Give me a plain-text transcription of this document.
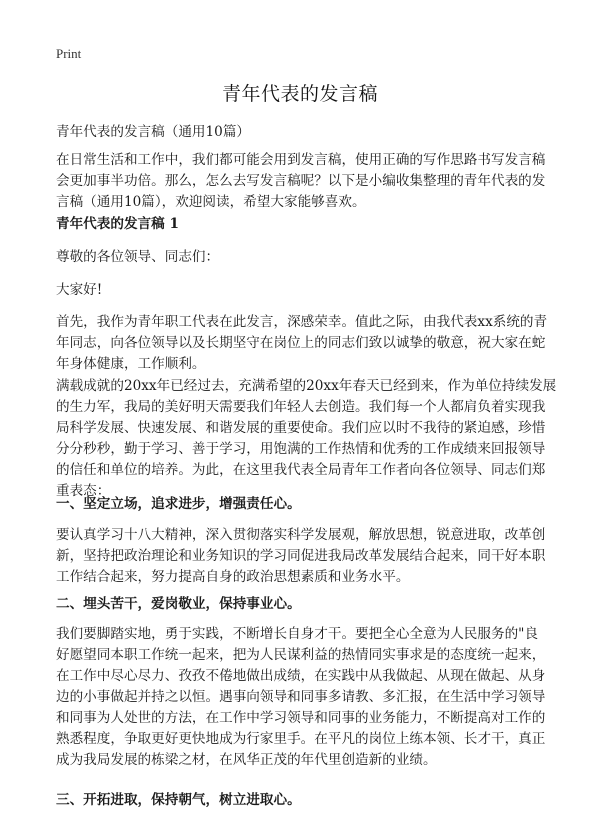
Print
青年代表的发言稿
青年代表的发言稿（通用10篇）
在日常生活和工作中，我们都可能会用到发言稿，使用正确的写作思路书写发言稿
会更加事半功倍。那么，怎么去写发言稿呢？以下是小编收集整理的青年代表的发
言稿（通用10篇），欢迎阅读，希望大家能够喜欢。
青年代表的发言稿 1
尊敬的各位领导、同志们：
大家好!
首先，我作为青年职工代表在此发言，深感荣幸。值此之际，由我代表xx系统的青
年同志，向各位领导以及长期坚守在岗位上的同志们致以诚挚的敬意，祝大家在蛇
年身体健康，工作顺利。
满载成就的20xx年已经过去，充满希望的20xx年春天已经到来，作为单位持续发展
的生力军，我局的美好明天需要我们年轻人去创造。我们每一个人都肩负着实现我
局科学发展、快速发展、和谐发展的重要使命。我们应以时不我待的紧迫感，珍惜
分分秒秒，勤于学习、善于学习，用饱满的工作热情和优秀的工作成绩来回报领导
的信任和单位的培养。为此，在这里我代表全局青年工作者向各位领导、同志们郑
重表态：
一、坚定立场，追求进步，增强责任心。
要认真学习十八大精神，深入贯彻落实科学发展观，解放思想，锐意进取，改革创
新，坚持把政治理论和业务知识的学习同促进我局改革发展结合起来，同干好本职
工作结合起来，努力提高自身的政治思想素质和业务水平。
二、埋头苦干，爱岗敬业，保持事业心。
我们要脚踏实地，勇于实践，不断增长自身才干。要把全心全意为人民服务的"良
好愿望同本职工作统一起来，把为人民谋利益的热情同实事求是的态度统一起来，
在工作中尽心尽力、孜孜不倦地做出成绩，在实践中从我做起、从现在做起、从身
边的小事做起并持之以恒。遇事向领导和同事多请教、多汇报，在生活中学习领导
和同事为人处世的方法，在工作中学习领导和同事的业务能力，不断提高对工作的
熟悉程度，争取更好更快地成为行家里手。在平凡的岗位上练本领、长才干，真正
成为我局发展的栋梁之材，在风华正茂的年代里创造新的业绩。
三、开拓进取，保持朝气，树立进取心。
